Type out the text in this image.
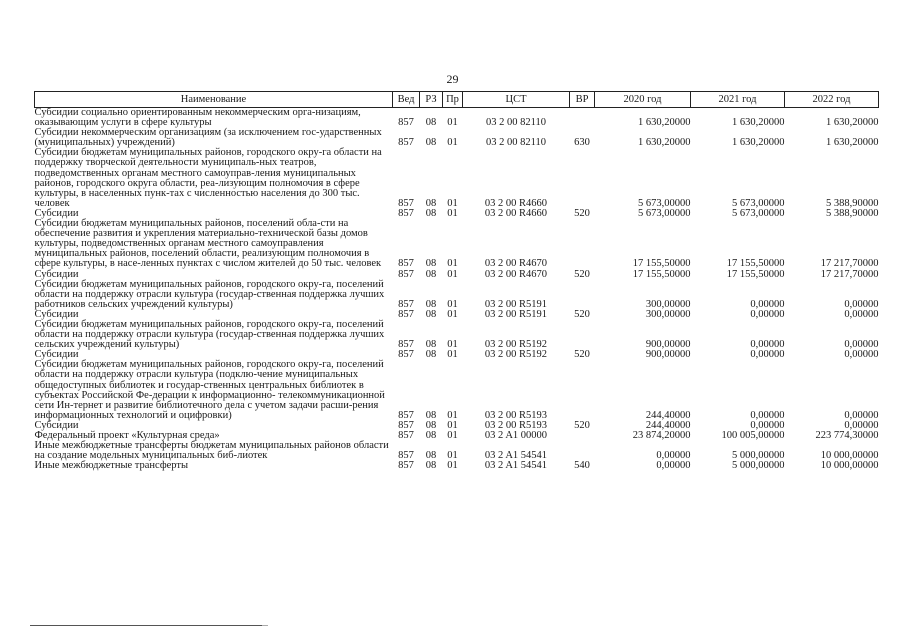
29
Наименование	Вед	РЗ	Пр	ЦСТ	ВР	2020 год	2021 год	2022 год
Субсидии социально ориентированным некоммерческим орга-низациям, оказывающим услуги в сфере культуры	857	08	01	03 2 00 82110		1 630,20000	1 630,20000	1 630,20000
Субсидии некоммерческим организациям (за исключением гос-ударственных (муниципальных) учреждений)	857	08	01	03 2 00 82110	630	1 630,20000	1 630,20000	1 630,20000
Субсидии бюджетам муниципальных районов, городского окру-га области на поддержку творческой деятельности муниципаль-ных театров, подведомственных органам местного самоуправ-ления муниципальных районов, городского округа области, реа-лизующим полномочия в сфере культуры, в населенных пунк-тах с численностью населения до 300 тыс. человек	857	08	01	03 2 00 R4660		5 673,00000	5 673,00000	5 388,90000
Субсидии	857	08	01	03 2 00 R4660	520	5 673,00000	5 673,00000	5 388,90000
Субсидии бюджетам муниципальных районов, поселений обла-сти на обеспечение развития и укрепления материально-технической базы домов культуры, подведомственных органам местного самоуправления муниципальных районов, поселений области, реализующим полномочия в сфере культуры, в насе-ленных пунктах с числом жителей до 50 тыс. человек	857	08	01	03 2 00 R4670		17 155,50000	17 155,50000	17 217,70000
Субсидии	857	08	01	03 2 00 R4670	520	17 155,50000	17 155,50000	17 217,70000
Субсидии бюджетам муниципальных районов, городского окру-га, поселений области на поддержку отрасли культура (государ-ственная поддержка лучших работников сельских учреждений культуры)	857	08	01	03 2 00 R5191		300,00000	0,00000	0,00000
Субсидии	857	08	01	03 2 00 R5191	520	300,00000	0,00000	0,00000
Субсидии бюджетам муниципальных районов, городского окру-га, поселений области на поддержку отрасли культура (государ-ственная поддержка лучших сельских учреждений культуры)	857	08	01	03 2 00 R5192		900,00000	0,00000	0,00000
Субсидии	857	08	01	03 2 00 R5192	520	900,00000	0,00000	0,00000
Субсидии бюджетам муниципальных районов, городского окру-га, поселений области на поддержку отрасли культура (подклю-чение муниципальных общедоступных библиотек и государ-ственных центральных библиотек в субъектах Российской Фе-дерации к информационно- телекоммуникационной сети Ин-тернет и развитие библиотечного дела с учетом задачи расши-рения информационных технологий и оцифровки)	857	08	01	03 2 00 R5193		244,40000	0,00000	0,00000
Субсидии	857	08	01	03 2 00 R5193	520	244,40000	0,00000	0,00000
Федеральный проект «Культурная среда»	857	08	01	03 2 A1 00000		23 874,20000	100 005,00000	223 774,30000
Иные межбюджетные трансферты бюджетам муниципальных районов области на создание модельных муниципальных биб-лиотек	857	08	01	03 2 A1 54541		0,00000	5 000,00000	10 000,00000
Иные межбюджетные трансферты	857	08	01	03 2 A1 54541	540	0,00000	5 000,00000	10 000,00000
